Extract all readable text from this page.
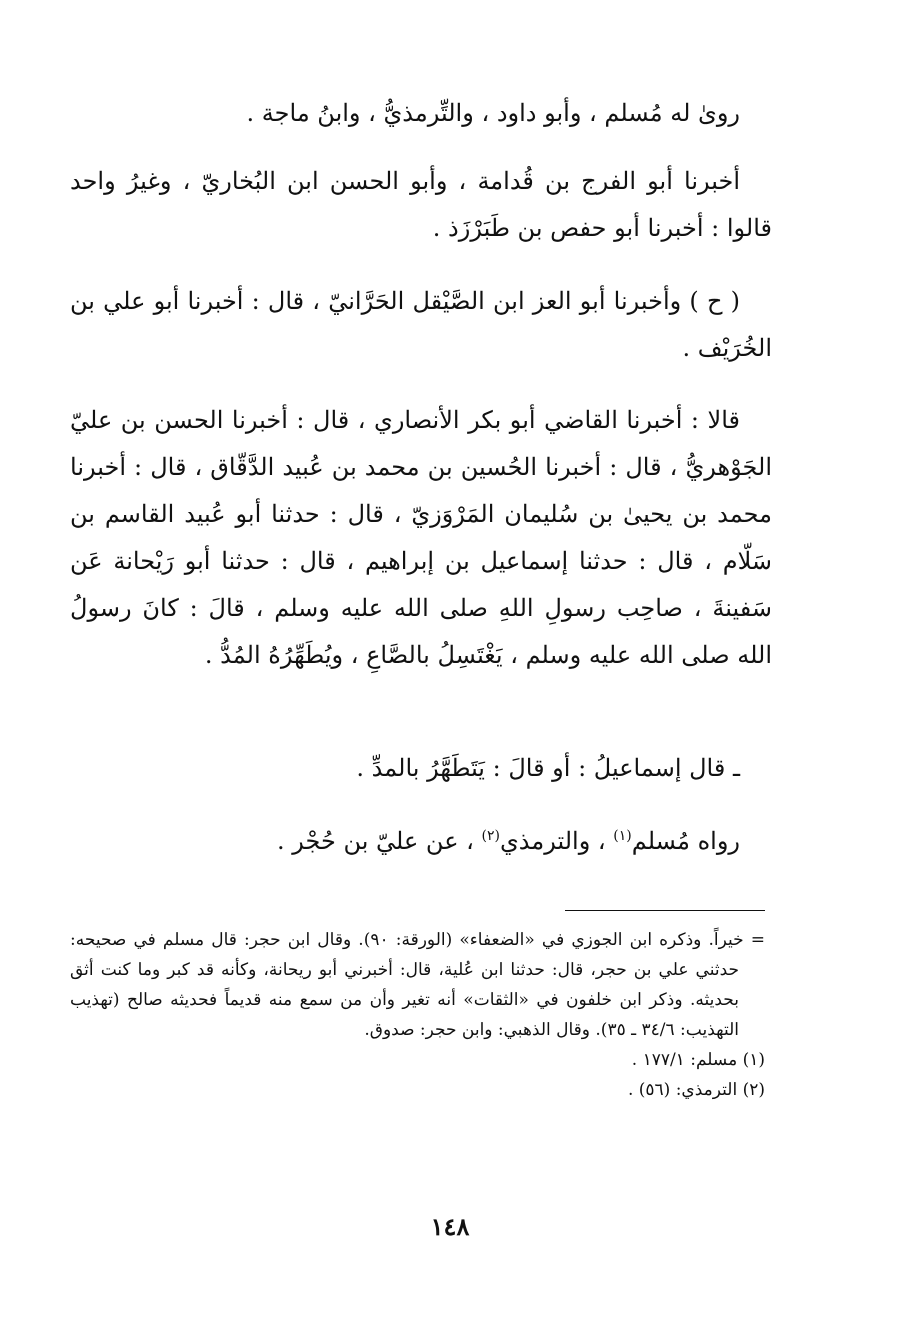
روىٰ له مُسلم ، وأبو داود ، والتِّرمذيُّ ، وابنُ ماجة .

أخبرنا أبو الفرج بن قُدامة ، وأبو الحسن ابن البُخاريّ ، وغيرُ واحد قالوا : أخبرنا أبو حفص بن طَبَرْزَذ .

( ح ) وأخبرنا أبو العز ابن الصَّيْقل الحَرَّانيّ ، قال : أخبرنا أبو علي بن الخُرَيْف .

قالا : أخبرنا القاضي أبو بكر الأنصاري ، قال : أخبرنا الحسن بن عليّ الجَوْهريُّ ، قال : أخبرنا الحُسين بن محمد بن عُبيد الدَّقّاق ، قال : أخبرنا محمد بن يحيىٰ بن سُليمان المَرْوَزيّ ، قال : حدثنا أبو عُبيد القاسم بن سَلّام ، قال : حدثنا إسماعيل بن إبراهيم ، قال : حدثنا أبو رَيْحانة عَن سَفينةَ ، صاحِب رسولِ اللهِ صلى الله عليه وسلم ، قالَ : كانَ رسولُ الله صلى الله عليه وسلم ، يَغْتَسِلُ بالصَّاعِ ، ويُطَهِّرُهُ المُدُّ .

ـ قال إسماعيلُ : أو قالَ : يَتَطَهَّرُ بالمدِّ .

رواه مُسلم$^{(١)}$ ، والترمذي$^{(٢)}$ ، عن عليّ بن حُجْر .

= خيراً. وذكره ابن الجوزي في «الضعفاء» (الورقة: ٩٠). وقال ابن حجر: قال مسلم في صحيحه: حدثني علي بن حجر، قال: حدثنا ابن عُلية، قال: أخبرني أبو ريحانة، وكأنه قد كبر وما كنت أثق بحديثه. وذكر ابن خلفون في «الثقات» أنه تغير وأن من سمع منه قديماً فحديثه صالح (تهذيب التهذيب: ٣٤/٦ ـ ٣٥). وقال الذهبي: وابن حجر: صدوق.

(١) مسلم: ١٧٧/١ .

(٢) الترمذي: (٥٦) .

١٤٨
